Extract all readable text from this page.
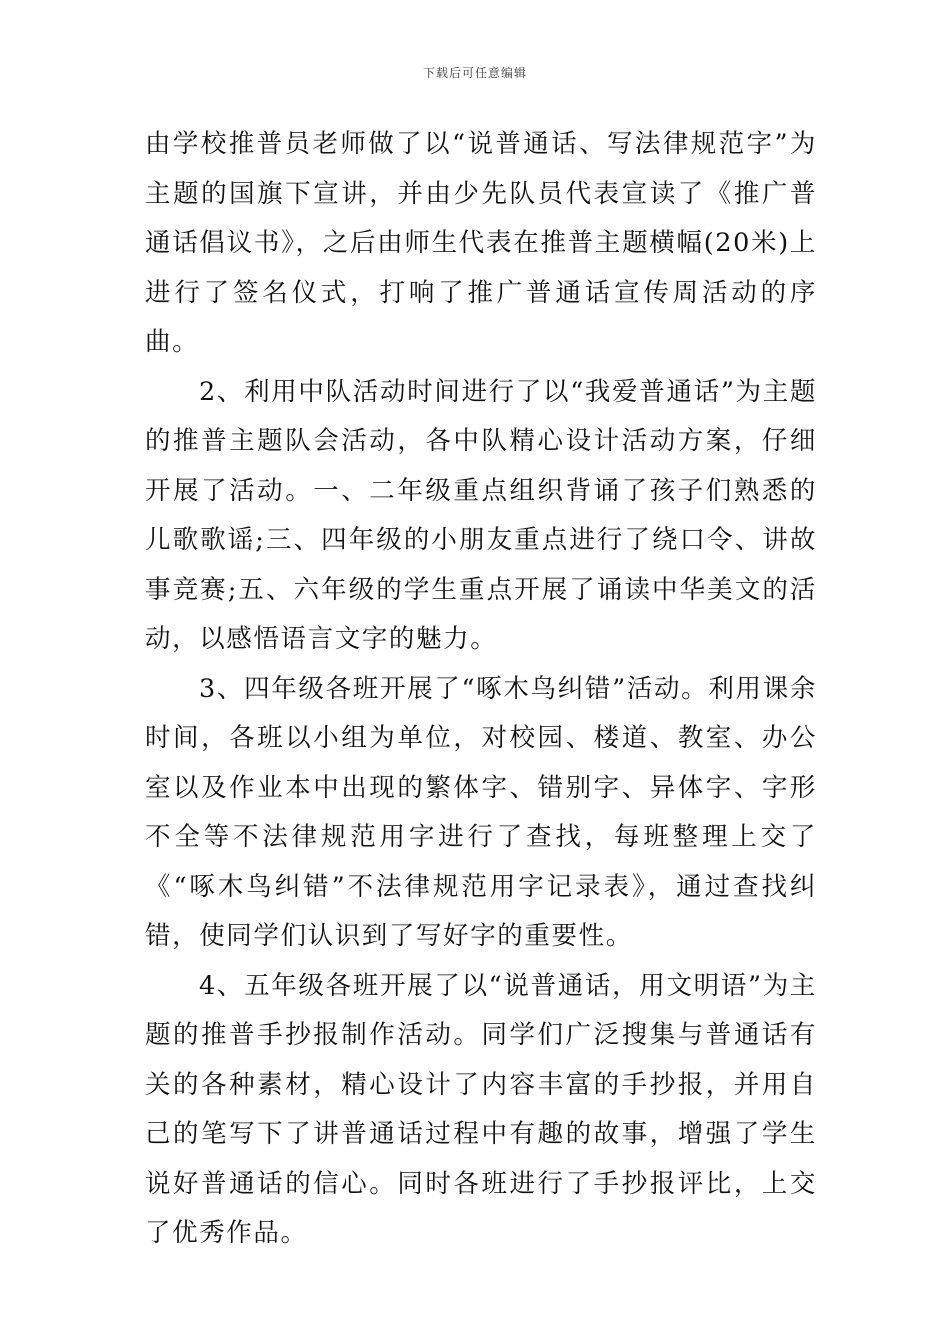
下载后可任意编辑

由学校推普员老师做了以“说普通话、写法律规范字”为主题的国旗下宣讲，并由少先队员代表宣读了《推广普通话倡议书》，之后由师生代表在推普主题横幅(20米)上进行了签名仪式，打响了推广普通话宣传周活动的序曲。

2、利用中队活动时间进行了以“我爱普通话”为主题的推普主题队会活动，各中队精心设计活动方案，仔细开展了活动。一、二年级重点组织背诵了孩子们熟悉的儿歌歌谣;三、四年级的小朋友重点进行了绕口令、讲故事竞赛;五、六年级的学生重点开展了诵读中华美文的活动，以感悟语言文字的魅力。

3、四年级各班开展了“啄木鸟纠错”活动。利用课余时间，各班以小组为单位，对校园、楼道、教室、办公室以及作业本中出现的繁体字、错别字、异体字、字形不全等不法律规范用字进行了查找，每班整理上交了《“啄木鸟纠错”不法律规范用字记录表》，通过查找纠错，使同学们认识到了写好字的重要性。

4、五年级各班开展了以“说普通话，用文明语”为主题的推普手抄报制作活动。同学们广泛搜集与普通话有关的各种素材，精心设计了内容丰富的手抄报，并用自己的笔写下了讲普通话过程中有趣的故事，增强了学生说好普通话的信心。同时各班进行了手抄报评比，上交了优秀作品。
